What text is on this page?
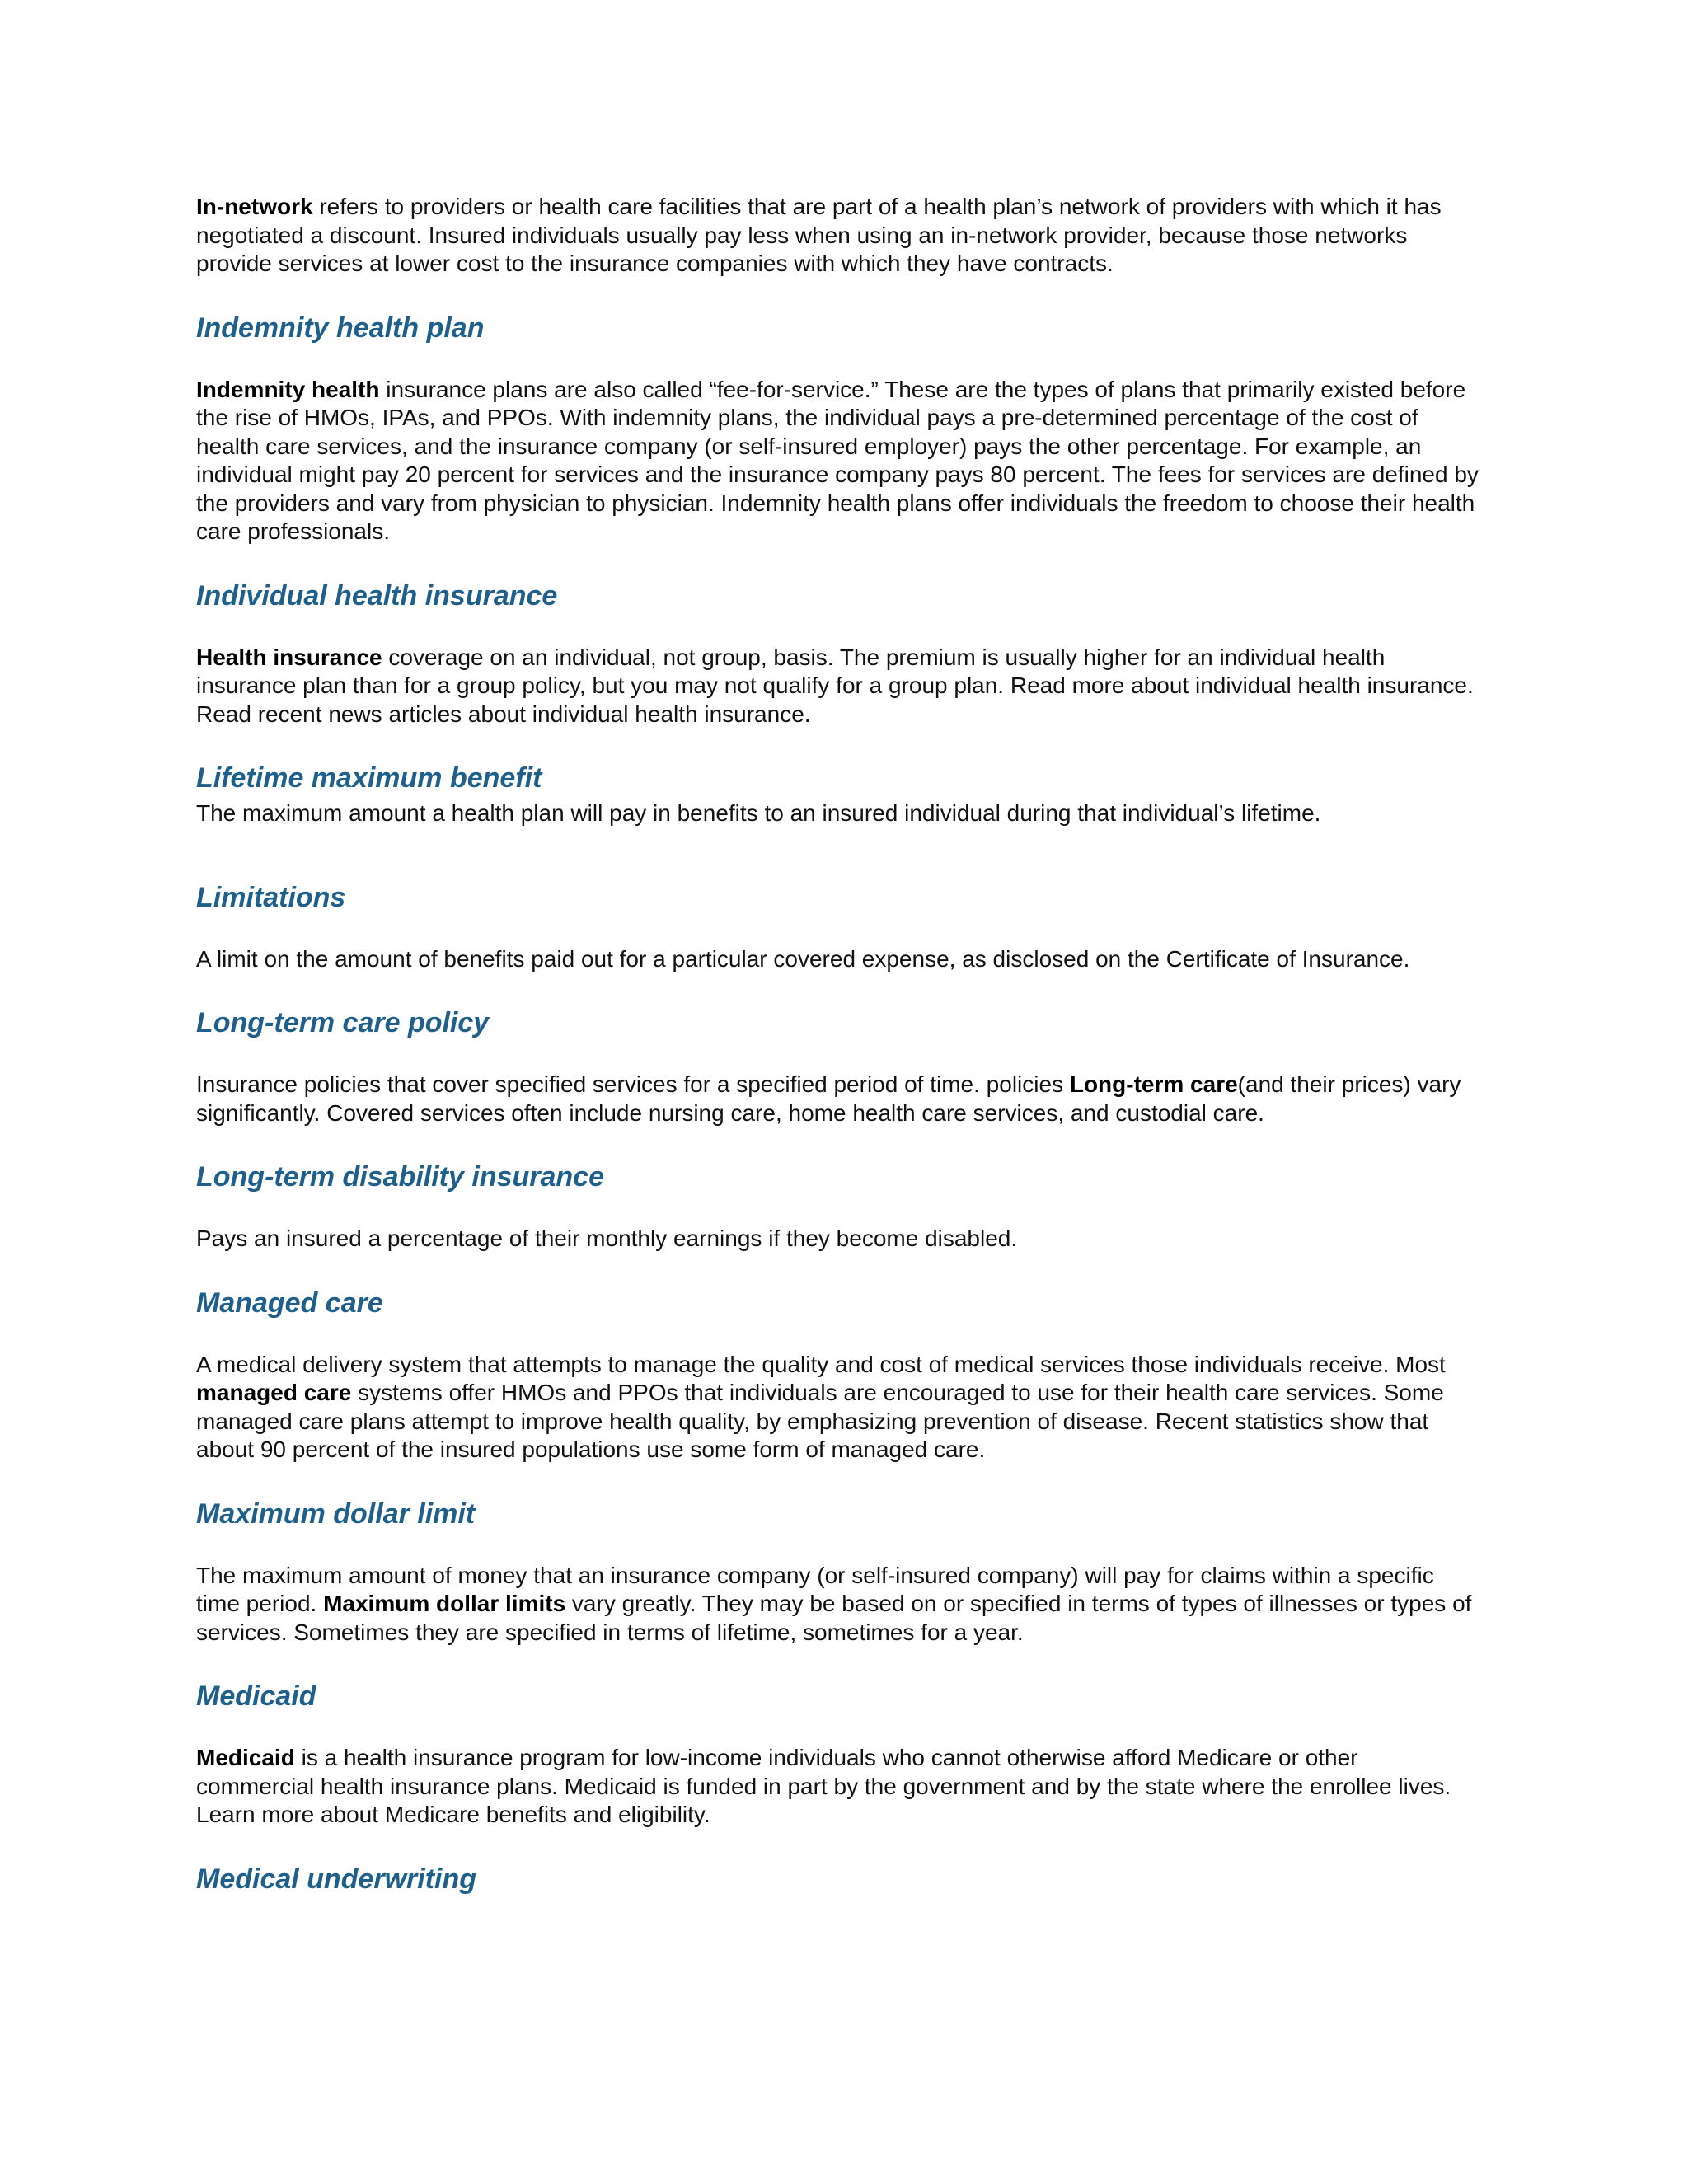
In-network refers to providers or health care facilities that are part of a health plan’s network of providers with which it has negotiated a discount. Insured individuals usually pay less when using an in-network provider, because those networks provide services at lower cost to the insurance companies with which they have contracts.

Indemnity health plan

Indemnity health insurance plans are also called “fee-for-service.” These are the types of plans that primarily existed before the rise of HMOs, IPAs, and PPOs. With indemnity plans, the individual pays a pre-determined percentage of the cost of health care services, and the insurance company (or self-insured employer) pays the other percentage. For example, an individual might pay 20 percent for services and the insurance company pays 80 percent. The fees for services are defined by the providers and vary from physician to physician. Indemnity health plans offer individuals the freedom to choose their health care professionals.

Individual health insurance

Health insurance coverage on an individual, not group, basis. The premium is usually higher for an individual health insurance plan than for a group policy, but you may not qualify for a group plan. Read more about individual health insurance. Read recent news articles about individual health insurance.

Lifetime maximum benefit

The maximum amount a health plan will pay in benefits to an insured individual during that individual’s lifetime.

Limitations

A limit on the amount of benefits paid out for a particular covered expense, as disclosed on the Certificate of Insurance.

Long-term care policy

Insurance policies that cover specified services for a specified period of time. policies Long-term care(and their prices) vary significantly. Covered services often include nursing care, home health care services, and custodial care.

Long-term disability insurance

Pays an insured a percentage of their monthly earnings if they become disabled.

Managed care

A medical delivery system that attempts to manage the quality and cost of medical services those individuals receive. Most managed care systems offer HMOs and PPOs that individuals are encouraged to use for their health care services. Some managed care plans attempt to improve health quality, by emphasizing prevention of disease. Recent statistics show that about 90 percent of the insured populations use some form of managed care.

Maximum dollar limit

The maximum amount of money that an insurance company (or self-insured company) will pay for claims within a specific time period. Maximum dollar limits vary greatly. They may be based on or specified in terms of types of illnesses or types of services. Sometimes they are specified in terms of lifetime, sometimes for a year.

Medicaid

Medicaid is a health insurance program for low-income individuals who cannot otherwise afford Medicare or other commercial health insurance plans. Medicaid is funded in part by the government and by the state where the enrollee lives. Learn more about Medicare benefits and eligibility.

Medical underwriting
